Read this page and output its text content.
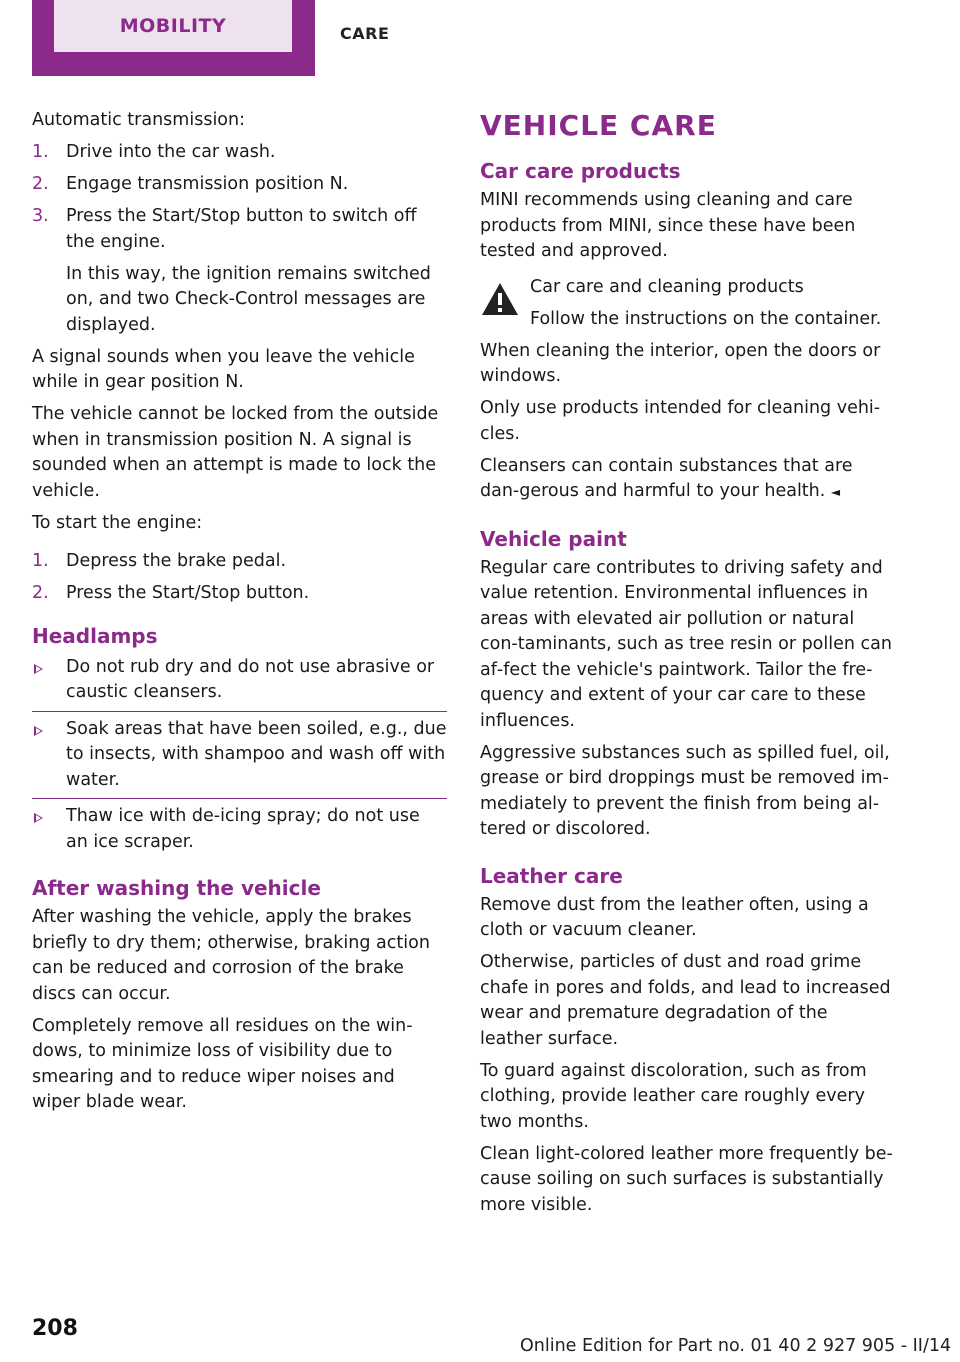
MOBILITY	CARE

Automatic transmission:

1. Drive into the car wash.

2. Engage transmission position N.

3. Press the Start/Stop button to switch off the engine.

In this way, the ignition remains switched on, and two Check-Control messages are displayed.

A signal sounds when you leave the vehicle while in gear position N.

The vehicle cannot be locked from the outside when in transmission position N. A signal is sounded when an attempt is made to lock the vehicle.

To start the engine:

1. Depress the brake pedal.

2. Press the Start/Stop button.

Headlamps

Do not rub dry and do not use abrasive or caustic cleansers.

Soak areas that have been soiled, e.g., due to insects, with shampoo and wash off with water.

Thaw ice with de-icing spray; do not use an ice scraper.

After washing the vehicle

After washing the vehicle, apply the brakes briefly to dry them; otherwise, braking action can be reduced and corrosion of the brake discs can occur.

Completely remove all residues on the win‐dows, to minimize loss of visibility due to smearing and to reduce wiper noises and wiper blade wear.

VEHICLE CARE
Car care products

MINI recommends using cleaning and care products from MINI, since these have been tested and approved.

Car care and cleaning products

Follow the instructions on the container.

When cleaning the interior, open the doors or windows.

Only use products intended for cleaning vehi‐cles.

Cleansers can contain substances that are dan‐gerous and harmful to your health. ◄

Vehicle paint

Regular care contributes to driving safety and value retention. Environmental influences in areas with elevated air pollution or natural con‐taminants, such as tree resin or pollen can af‐fect the vehicle's paintwork. Tailor the fre‐quency and extent of your car care to these influences.

Aggressive substances such as spilled fuel, oil, grease or bird droppings must be removed im‐mediately to prevent the finish from being al‐tered or discolored.

Leather care

Remove dust from the leather often, using a cloth or vacuum cleaner.

Otherwise, particles of dust and road grime chafe in pores and folds, and lead to increased wear and premature degradation of the leather surface.

To guard against discoloration, such as from clothing, provide leather care roughly every two months.

Clean light-colored leather more frequently be‐cause soiling on such surfaces is substantially more visible.

208
Online Edition for Part no. 01 40 2 927 905 - II/14
